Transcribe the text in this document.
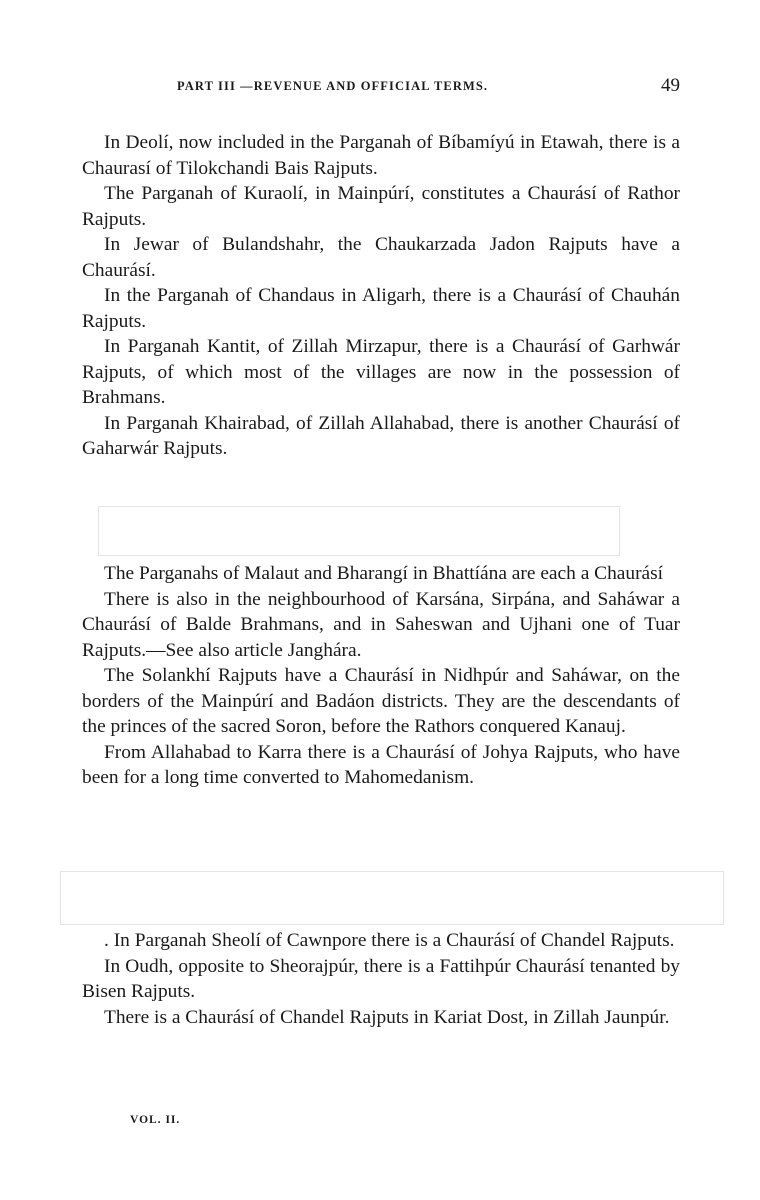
PART III —REVENUE AND OFFICIAL TERMS.	49

In Deolí, now included in the Parganah of Bíbamíyú in Etawah, there is a Chaurasí of Tilokchandi Bais Rajputs.

The Parganah of Kuraolí, in Mainpúrí, constitutes a Chaurásí of Rathor Rajputs.

In Jewar of Bulandshahr, the Chaukarzada Jadon Rajputs have a Chaurásí.

In the Parganah of Chandaus in Aligarh, there is a Chaurásí of Chauhán Rajputs.

In Parganah Kantit, of Zillah Mirzapur, there is a Chaurásí of Garhwár Rajputs, of which most of the villages are now in the possession of Brahmans.

In Parganah Khairabad, of Zillah Allahabad, there is another Chaurásí of Gaharwár Rajputs.

The Parganahs of Malaut and Bharangí in Bhattíána are each a Chaurásí

There is also in the neighbourhood of Karsána, Sirpána, and Saháwar a Chaurásí of Balde Brahmans, and in Saheswan and Ujhani one of Tuar Rajputs.—See also article Janghára.

The Solankhí Rajputs have a Chaurásí in Nidhpúr and Saháwar, on the borders of the Mainpúrí and Badáon districts. They are the descendants of the princes of the sacred Soron, before the Rathors conquered Kanauj.

From Allahabad to Karra there is a Chaurásí of Johya Rajputs, who have been for a long time converted to Mahomedanism.

. In Parganah Sheolí of Cawnpore there is a Chaurásí of Chandel Rajputs.

In Oudh, opposite to Sheorajpúr, there is a Fattihpúr Chaurásí tenanted by Bisen Rajputs.

There is a Chaurásí of Chandel Rajputs in Kariat Dost, in Zillah Jaunpúr.

VOL. II.
